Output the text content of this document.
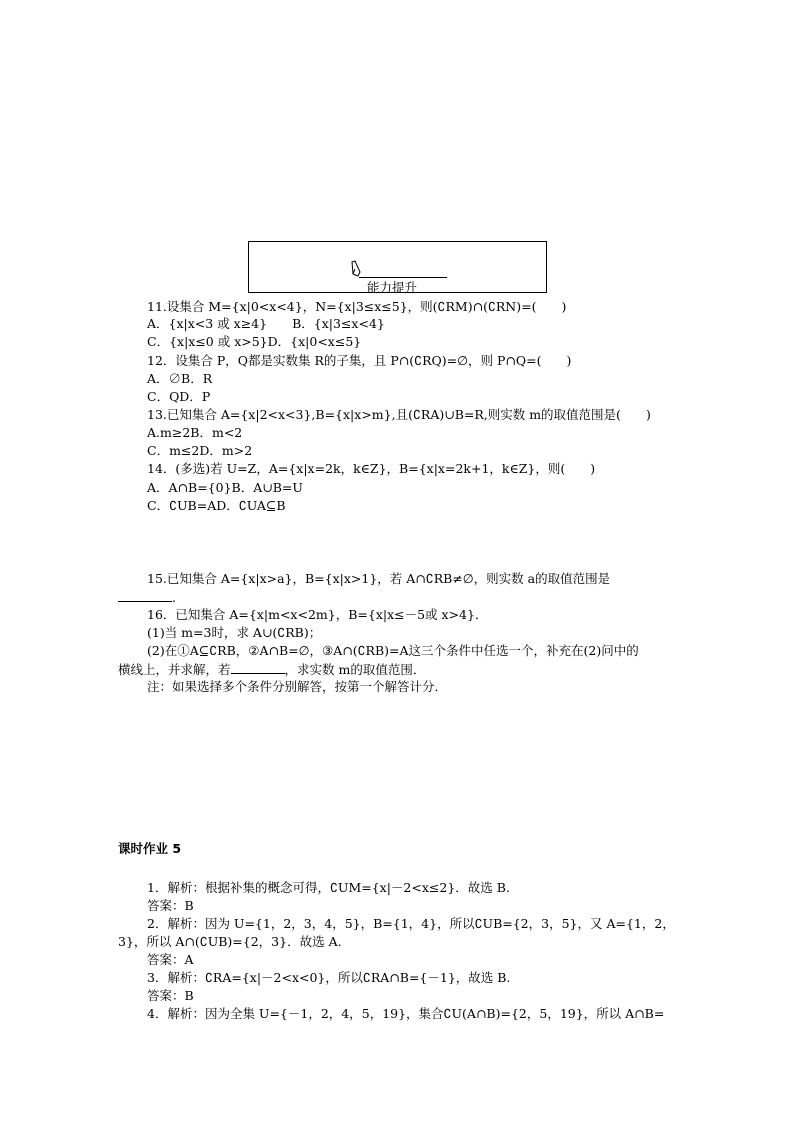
能力提升
11.设集合 M={x|0<x<4}，N={x|3≤x≤5}，则(∁RM)∩(∁RN)=(　　)
A．{x|x<3 或 x≥4}　　B．{x|3≤x<4}
C．{x|x≤0 或 x>5}D．{x|0<x≤5}
12．设集合 P，Q都是实数集 R的子集，且 P∩(∁RQ)=∅，则 P∩Q=(　　)
A．∅B．R
C．QD．P
13.已知集合 A={x|2<x<3},B={x|x>m},且(∁RA)∪B=R,则实数 m的取值范围是(　　)
A.m≥2B．m<2
C．m≤2D．m>2
14．(多选)若 U=Z，A={x|x=2k，k∈Z}，B={x|x=2k+1，k∈Z}，则(　　)
A．A∩B={0}B．A∪B=U
C．∁UB=AD．∁UA⊆B
15.已知集合 A={x|x>a}，B={x|x>1}，若 A∩∁RB≠∅，则实数 a的取值范围是
.
16．已知集合 A={x|m<x<2m}，B={x|x≤－5或 x>4}．
(1)当 m=3时，求 A∪(∁RB)；
(2)在①A⊆∁RB，②A∩B=∅，③A∩(∁RB)=A这三个条件中任选一个，补充在(2)问中的
横线上，并求解，若	，求实数 m的取值范围．
注：如果选择多个条件分别解答，按第一个解答计分．
课时作业 5
1．解析：根据补集的概念可得，∁UM={x|－2<x≤2}．故选 B.
答案：B
2．解析：因为 U={1，2，3，4，5}，B={1，4}，所以∁UB={2，3，5}，又 A={1，2，
3}，所以 A∩(∁UB)={2，3}．故选 A.
答案：A
3．解析：∁RA={x|－2<x<0}，所以∁RA∩B={－1}，故选 B.
答案：B
4．解析：因为全集 U={－1，2，4，5，19}，集合∁U(A∩B)={2，5，19}，所以 A∩B=
